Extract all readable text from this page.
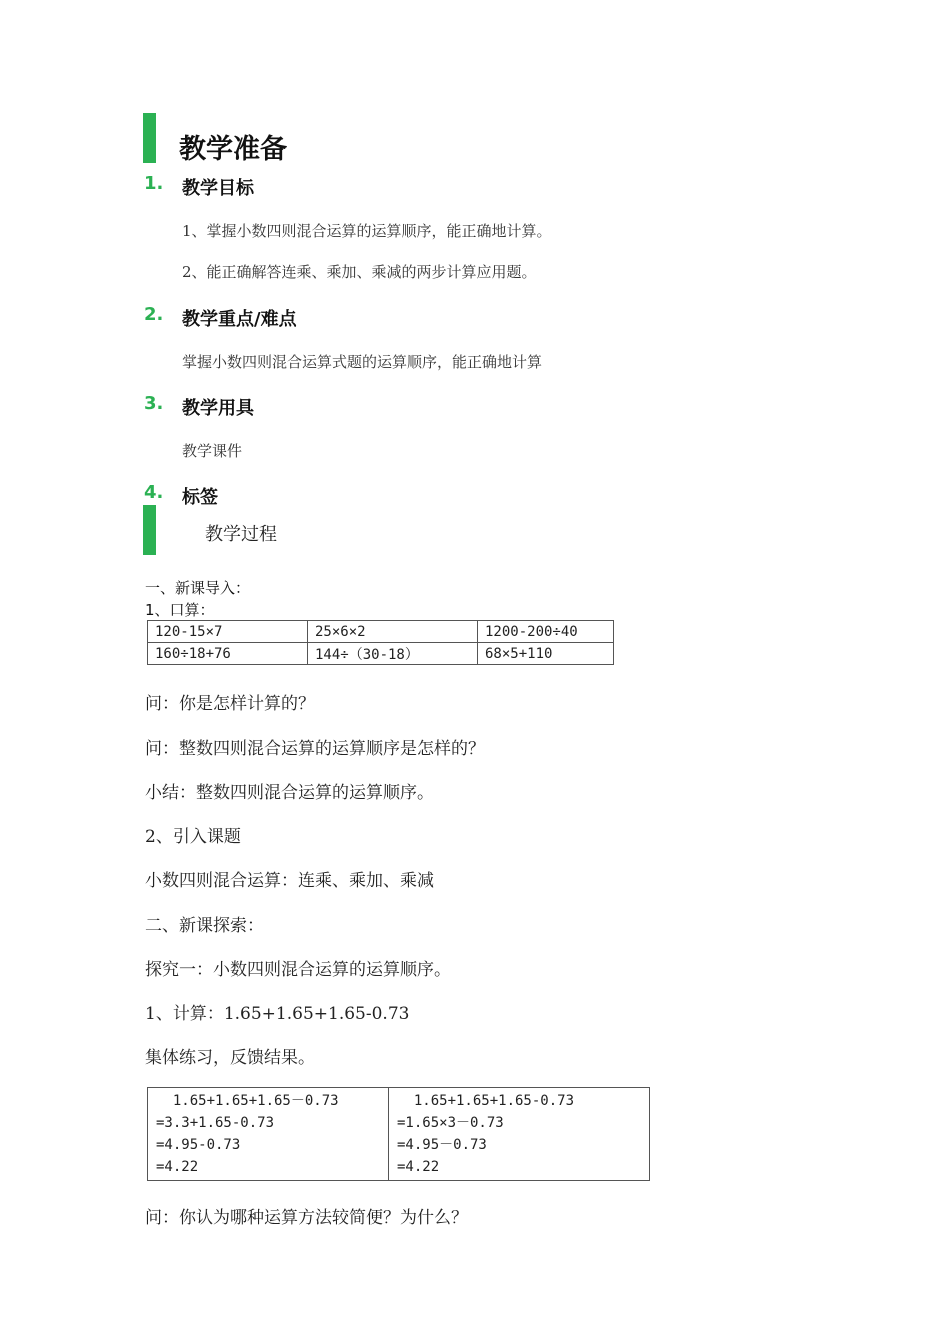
教学准备
1. 教学目标
1、掌握小数四则混合运算的运算顺序，能正确地计算。
2、能正确解答连乘、乘加、乘减的两步计算应用题。
2. 教学重点/难点
掌握小数四则混合运算式题的运算顺序，能正确地计算
3. 教学用具
教学课件
4. 标签
教学过程
一、新课导入：
1、口算：
120-15×7	25×6×2	1200-200÷40
160÷18+76	144÷（30-18）	68×5+110
问：你是怎样计算的？
问：整数四则混合运算的运算顺序是怎样的？
小结：整数四则混合运算的运算顺序。
2、引入课题
小数四则混合运算：连乘、乘加、乘减
二、新课探索：
探究一：小数四则混合运算的运算顺序。
1、计算：1.65+1.65+1.65-0.73
集体练习，反馈结果。
1.65+1.65+1.65－0.73
=3.3+1.65-0.73
=4.95-0.73
=4.22

1.65+1.65+1.65-0.73
=1.65×3－0.73
=4.95－0.73
=4.22
问：你认为哪种运算方法较简便？为什么？
